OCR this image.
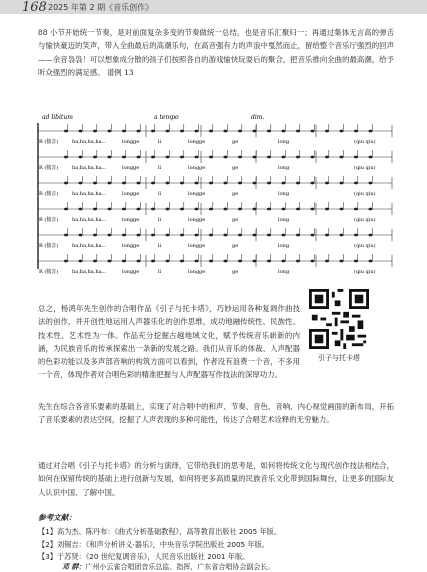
168 2025 年第 2 期《音乐创作》
88 小节开始统一节奏，是对前面复杂多变的节奏做统一总结，也是音乐汇聚归一；再通过集体无言高的弹舌与愉快豪迈的笑声，带入全曲最后的高潮乐句，在高音强有力的声浪中戛然而止，留给整个音乐厅强烈的回声——余音袅袅！可以想象成分散的孩子们按照各自的游戏愉快玩耍后的聚合，把音乐推向全曲的最高潮，给予听众强烈的满足感。 谱例 13
ad libitum	a tempo	dim.
R (独音)	ha,ha,ha,ha...	longge	li	longge	ge	long	(qiu qiu)
R (独音)	ha,ha,ha,ha...	longge	li	longge	ge	long	(qiu qiu)
R (独音)	ha,ha,ha,ha...	longge	li	longge	ge	long	(qiu qiu)
R (独音)	ha,ha,ha,ha...	longge	li	longge	ge	long	(qiu qiu)
R (独音)	ha,ha,ha,ha...	longge	li	longge	ge	long	(qiu qiu)
R (独音)	ha,ha,ha,ha...	longge	li	longge	ge	long	(qiu qiu)
总之，杨鸿年先生创作的合唱作品《引子与托卡塔》，巧妙运用各种复调作曲技法的创作，并开创性地运用人声器乐化的创作思维，成功地融传统性、民族性、技术性、艺术性为一体。作品充分挖掘古越地域文化，赋予传统音乐崭新的内涵，为民族音乐的传承探索出一条新的发展之路。我们从音乐的体裁、人声配器的色彩功能以及多声部音响的构筑方面可以看到，作者没有浪费一个音，不多用一个音，体现作者对合唱色彩的精准把握与人声配器写作技法的深厚功力。
引子与托卡塔
先生在综合各音乐要素的基础上，实现了对合唱中的和声、节奏、音色、音响、内心视觉画面的新布局，开拓了音乐要素的表达空间，挖掘了人声表现的多种可能性，传达了合唱艺术诠释的无穷魅力。
通过对合唱《引子与托卡塔》的分析与演绎，它带给我们的思考是，如何将传统文化与现代创作技法相结合，如何在保留传统的基础上进行创新与发展，如何将更多高质量的民族音乐文化带到国际舞台，让更多的国际友人认识中国、了解中国。
参考文献：
【1】高为杰、陈丹布：《曲式分析基础教程》，高等教育出版社 2005 年版。
【2】刘锡吉：《和声分析讲义·器乐》，中央音乐学院出版社 2005 年版。
【3】于苏贤：《20 世纪复调音乐》，人民音乐出版社 2001 年版。
邓 群：广州小云雀合唱团音乐总监、指挥，广东省合唱协会副会长。
